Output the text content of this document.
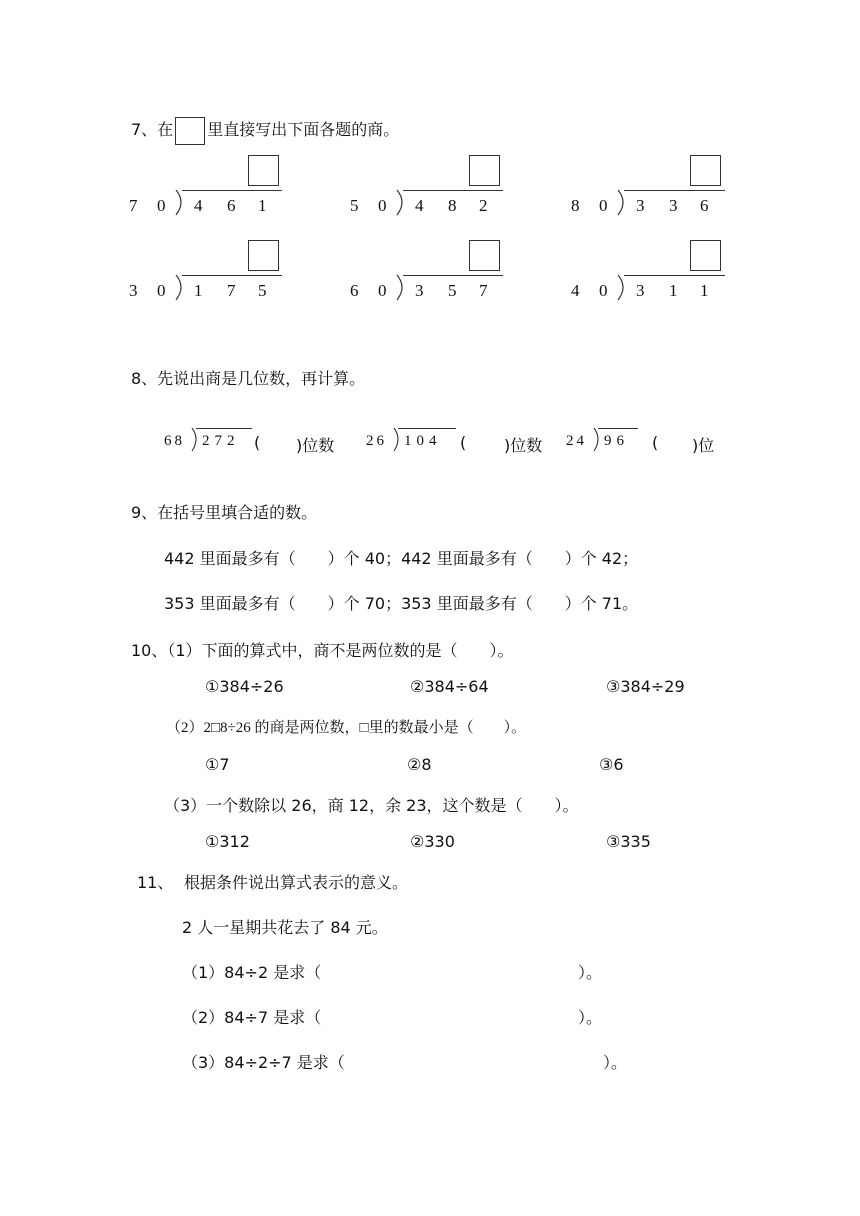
7、在 里直接写出下面各题的商。
7 0 4 6 1	5 0 4 8 2	8 0 3 3 6
3 0 1 7 5	6 0 3 5 7	4 0 3 1 1
8、先说出商是几位数，再计算。
68 272 ( )位数 26 104 ( )位数 24 96 ( )位
9、在括号里填合适的数。
442 里面最多有（　　）个 40；442 里面最多有（　　）个 42；
353 里面最多有（　　）个 70；353 里面最多有（　　）个 71。
10、（1）下面的算式中，商不是两位数的是（　　）。
①384÷26	②384÷64	③384÷29
（2）2□8÷26 的商是两位数，□里的数最小是（　　）。
①7	②8	③6
（3）一个数除以 26，商 12，余 23，这个数是（　　）。
①312	②330	③335
11、 根据条件说出算式表示的意义。
2 人一星期共花去了 84 元。
（1）84÷2 是求（	）。
（2）84÷7 是求（	）。
（3）84÷2÷7 是求（	）。
